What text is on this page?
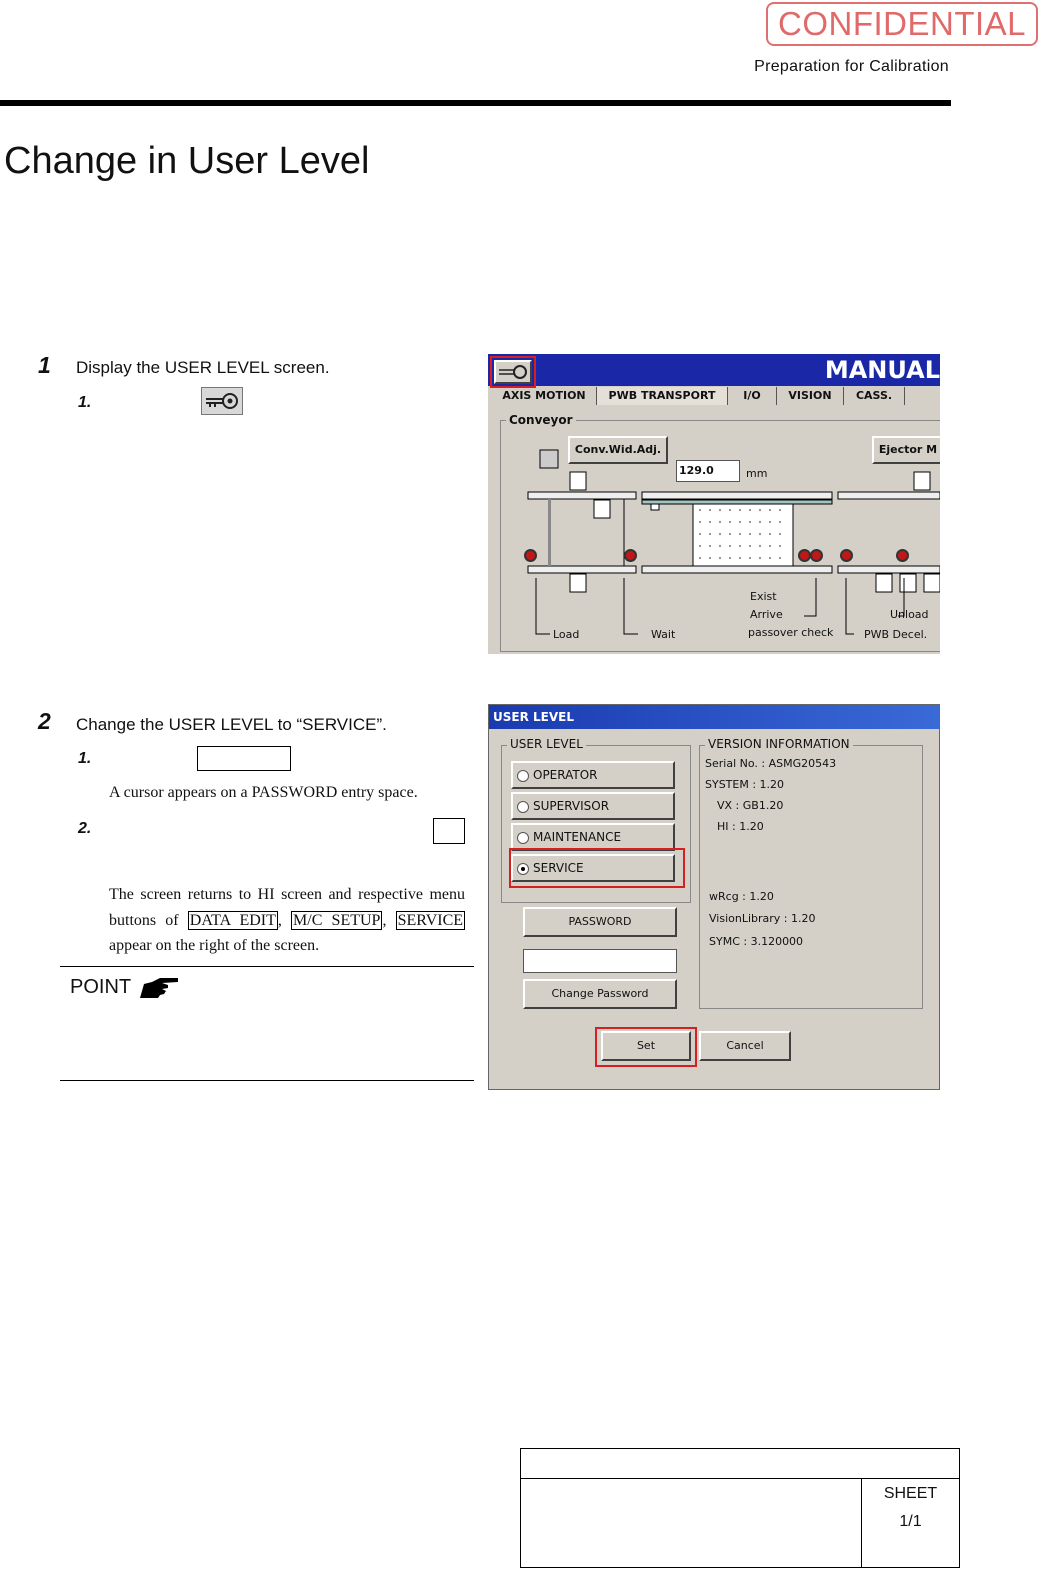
CONFIDENTIAL
Preparation for Calibration
Change in User Level
1 Display the USER LEVEL screen.
1.
MANUAL
AXIS MOTION	PWB TRANSPORT	I/O	VISION	CASS.
Conveyor
Conv.Wid.Adj.	Ejector M
129.0	mm
Load	Wait
Exist
Arrive
passover check
Unload
PWB Decel.
2 Change the USER LEVEL to “SERVICE”.
1.
A cursor appears on a PASSWORD entry space.
2.
The screen returns to HI screen and respective menu buttons of DATA EDIT , M/C SETUP , SERVICE appear on the right of the screen.
POINT
USER LEVEL
USER LEVEL
OPERATOR
SUPERVISOR
MAINTENANCE
SERVICE
PASSWORD
Change Password
VERSION INFORMATION
Serial No. : ASMG20543
SYSTEM : 1.20
VX : GB1.20
HI : 1.20
wRcg : 1.20
VisionLibrary : 1.20
SYMC : 3.120000
Set	Cancel
SHEET
1/1
